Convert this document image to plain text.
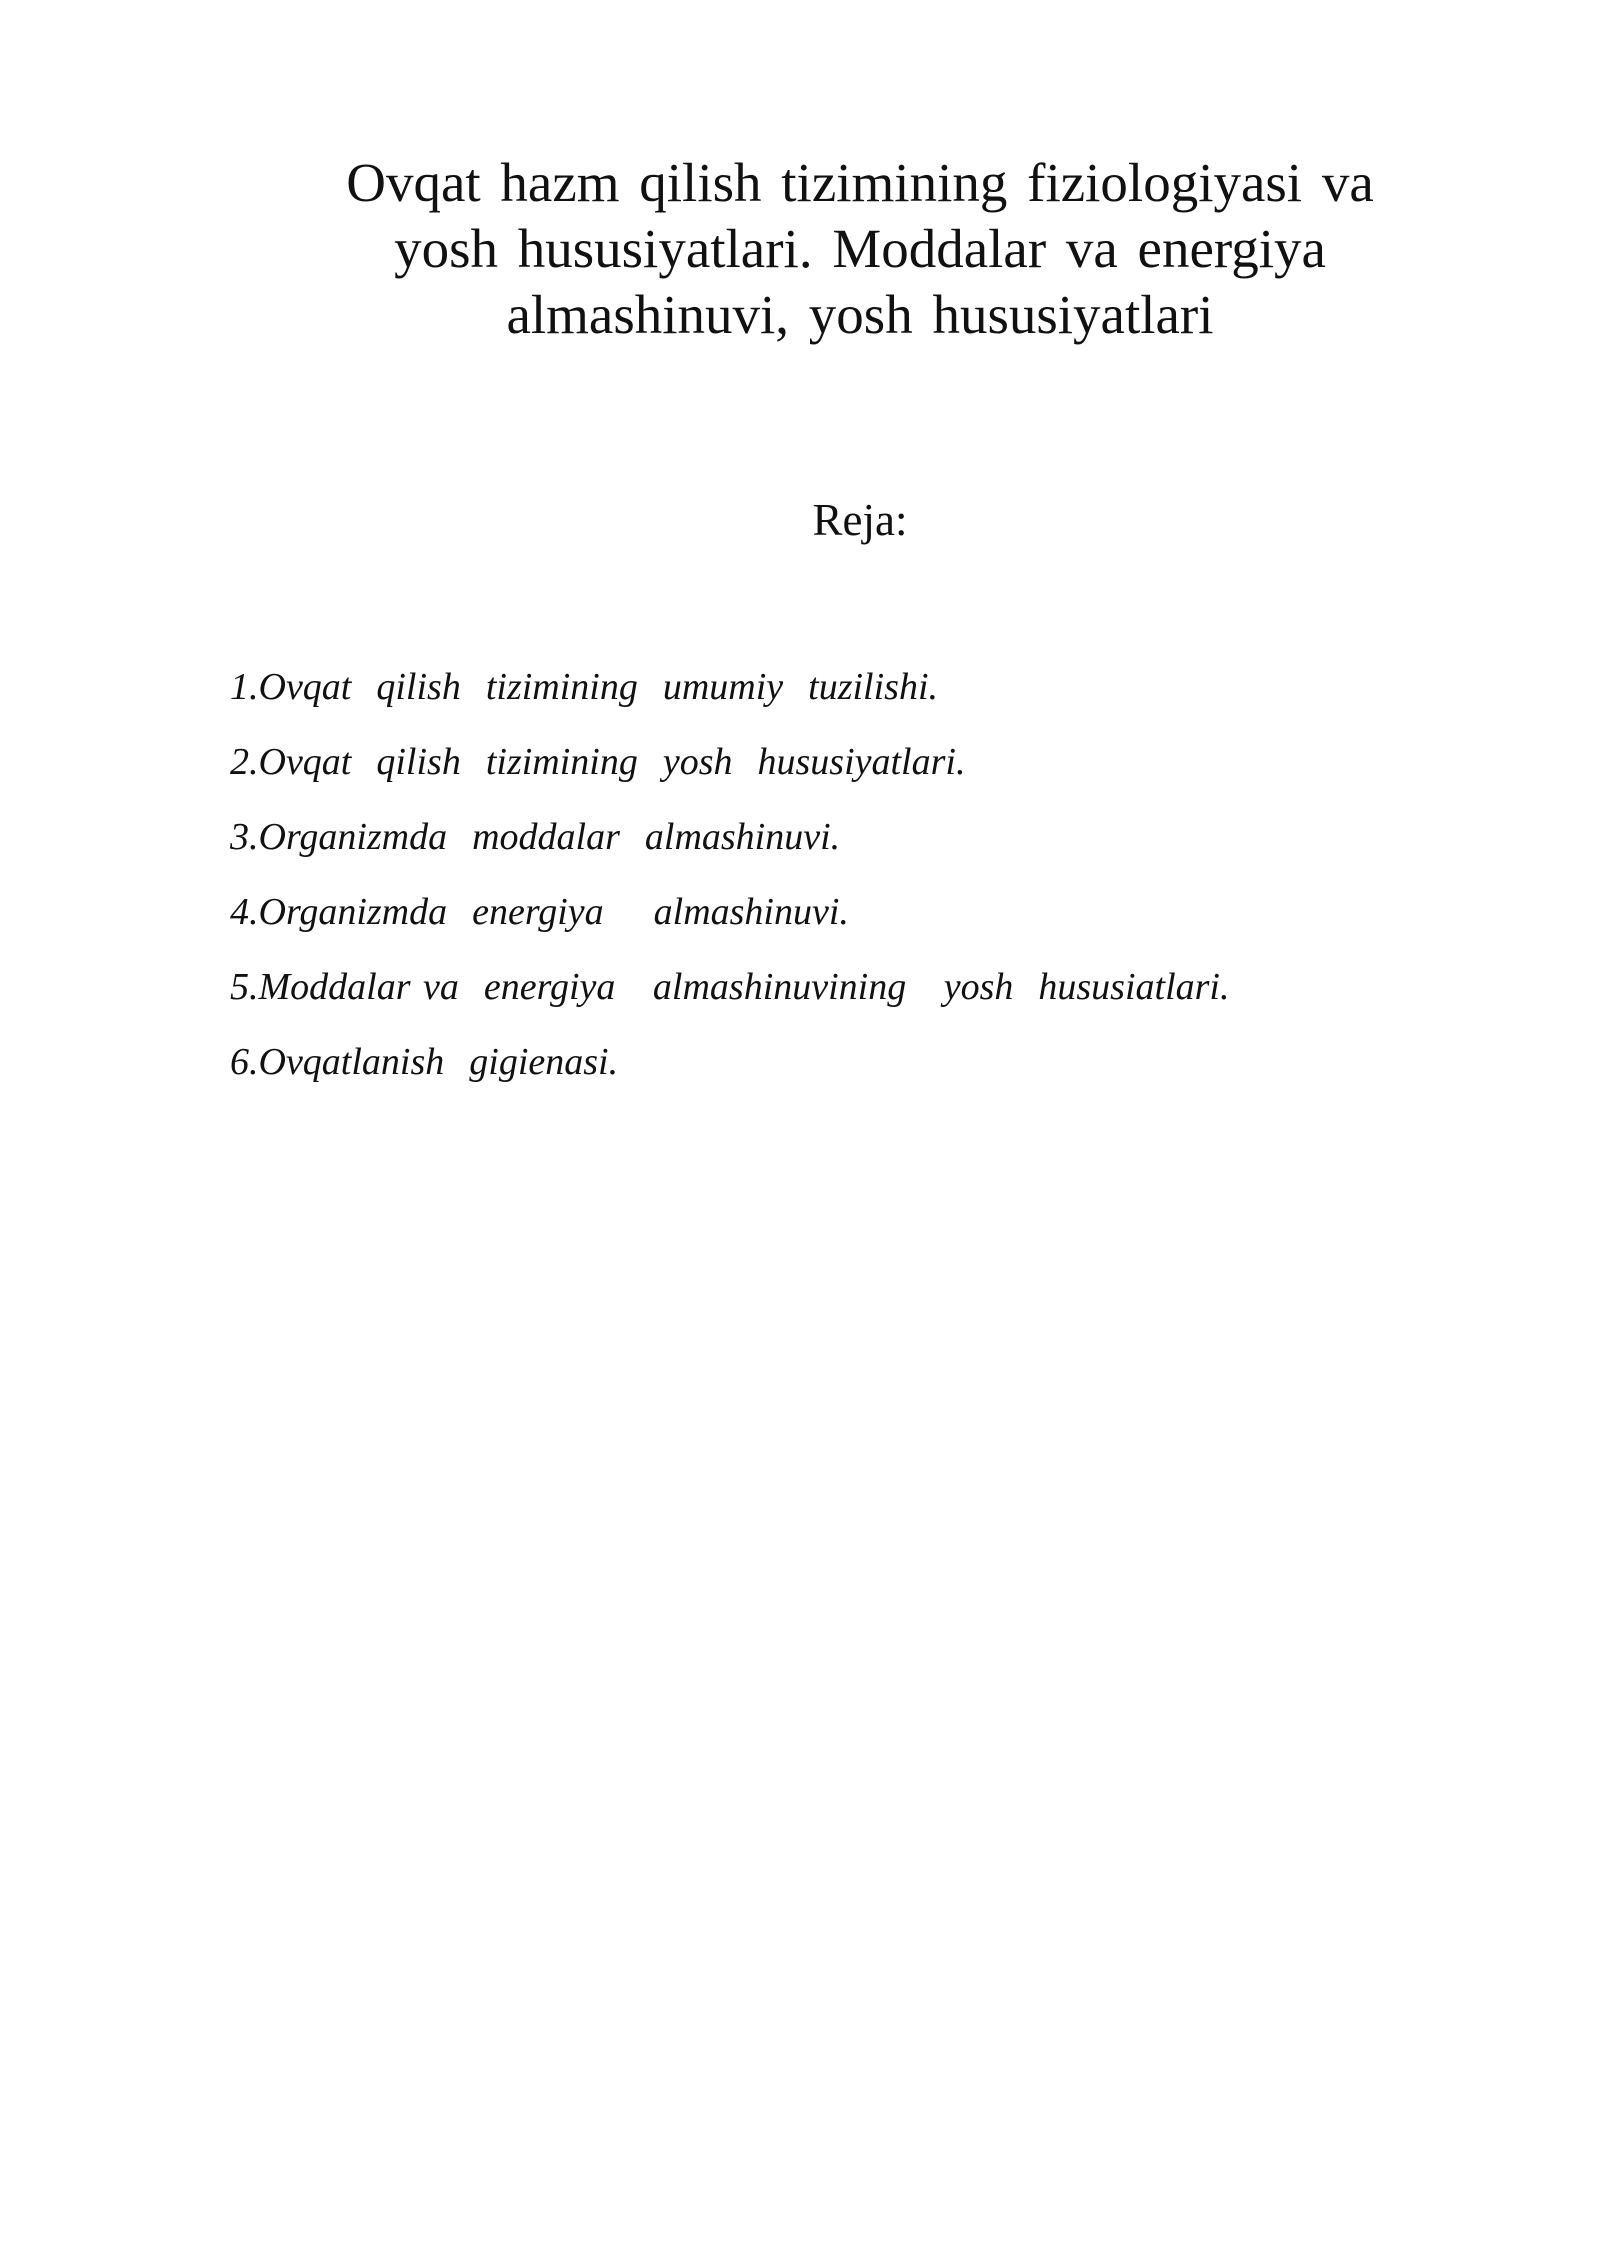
Ovqat hazm qilish tizimining fiziologiyasi va
yosh hususiyatlari. Moddalar va energiya
almashinuvi, yosh hususiyatlari
Reja:
1.Ovqat  qilish  tizimining  umumiy  tuzilishi.
2.Ovqat  qilish  tizimining  yosh  hususiyatlari.
3.Organizmda  moddalar  almashinuvi.
4.Organizmda  energiya    almashinuvi.
5.Moddalar va  energiya   almashinuvining   yosh  hususiatlari.
6.Ovqatlanish  gigienasi.
